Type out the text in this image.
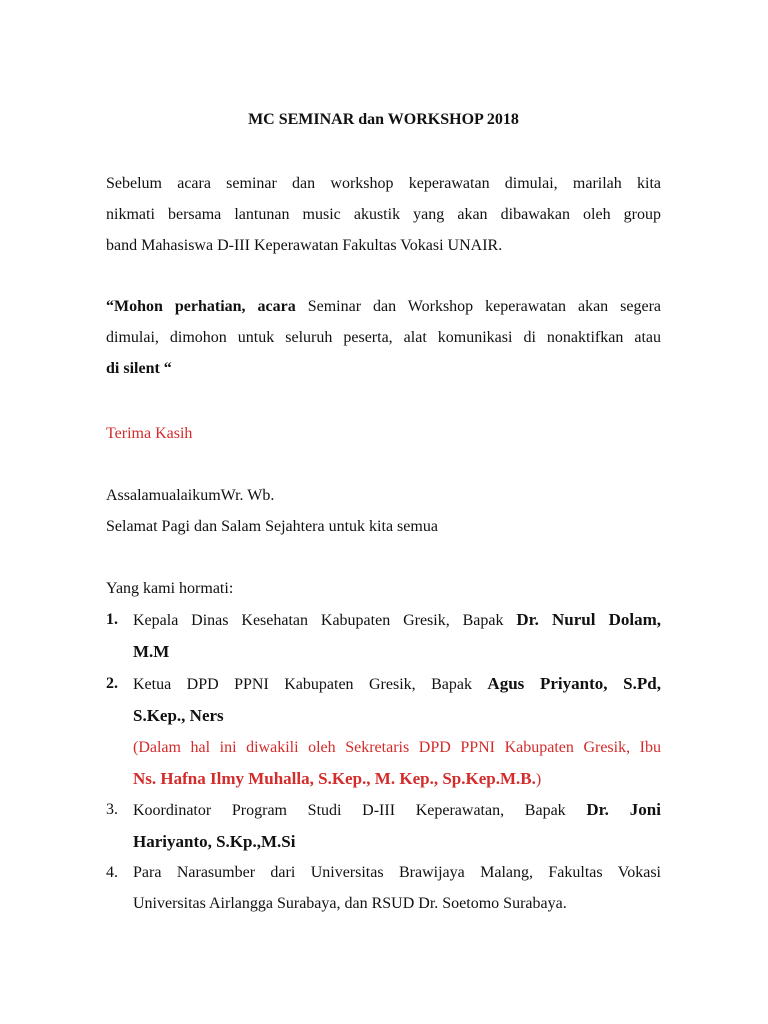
MC SEMINAR dan WORKSHOP 2018
Sebelum acara seminar dan workshop keperawatan dimulai, marilah kita
nikmati bersama lantunan music akustik yang akan dibawakan oleh group
band Mahasiswa D-III Keperawatan Fakultas Vokasi UNAIR.
“Mohon perhatian, acara Seminar dan Workshop keperawatan akan segera
dimulai, dimohon untuk seluruh peserta, alat komunikasi di nonaktifkan atau
di silent “
Terima Kasih
AssalamualaikumWr. Wb.
Selamat Pagi dan Salam Sejahtera untuk kita semua
Yang kami hormati:
1. Kepala Dinas Kesehatan Kabupaten Gresik, Bapak Dr. Nurul Dolam,
M.M
2. Ketua DPD PPNI Kabupaten Gresik, Bapak Agus Priyanto, S.Pd,
S.Kep., Ners
(Dalam hal ini diwakili oleh Sekretaris DPD PPNI Kabupaten Gresik, Ibu
Ns. Hafna Ilmy Muhalla, S.Kep., M. Kep., Sp.Kep.M.B.)
3. Koordinator Program Studi D-III Keperawatan, Bapak Dr. Joni
Hariyanto, S.Kp.,M.Si
4. Para Narasumber dari Universitas Brawijaya Malang, Fakultas Vokasi
Universitas Airlangga Surabaya, dan RSUD Dr. Soetomo Surabaya.
